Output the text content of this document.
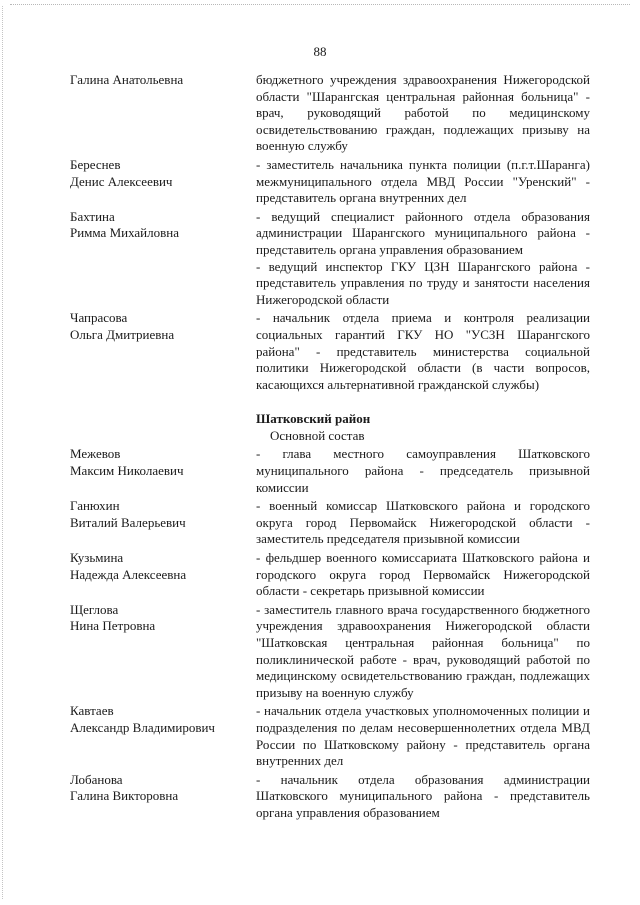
88
Галина Анатольевна	бюджетного учреждения здравоохранения Нижегородской области "Шарангская центральная районная больница" - врач, руководящий работой по медицинскому освидетельствованию граждан, подлежащих призыву на военную службу

Береснев
Денис Алексеевич

- заместитель начальника пункта полиции (п.г.т.Шаранга) межмуниципального отдела МВД России "Уренский" - представитель органа внутренних дел

Бахтина
Римма Михайловна

- ведущий специалист районного отдела образования администрации Шарангского муниципального района - представитель органа управления образованием

- ведущий инспектор ГКУ ЦЗН Шарангского района - представитель управления по труду и занятости населения Нижегородской области

Чапрасова
Ольга Дмитриевна

- начальник отдела приема и контроля реализации социальных гарантий ГКУ НО "УСЗН Шарангского района" - представитель министерства социальной политики Нижегородской области (в части вопросов, касающихся альтернативной гражданской службы)

Шатковский район
Основной состав
Межевов
Максим Николаевич

- глава местного самоуправления Шатковского муниципального района - председатель призывной комиссии

Ганюхин
Виталий Валерьевич

- военный комиссар Шатковского района и городского округа город Первомайск Нижегородской области - заместитель председателя призывной комиссии

Кузьмина
Надежда Алексеевна

- фельдшер военного комиссариата Шатковского района и городского округа город Первомайск Нижегородской области - секретарь призывной комиссии

Щеглова
Нина Петровна

- заместитель главного врача государственного бюджетного учреждения здравоохранения Нижегородской области "Шатковская центральная районная больница" по поликлинической работе - врач, руководящий работой по медицинскому освидетельствованию граждан, подлежащих призыву на военную службу

Кавтаев
Александр Владимирович

- начальник отдела участковых уполномоченных полиции и подразделения по делам несовершеннолетних отдела МВД России по Шатковскому району - представитель органа внутренних дел

Лобанова
Галина Викторовна

- начальник отдела образования администрации Шатковского муниципального района - представитель органа управления образованием
